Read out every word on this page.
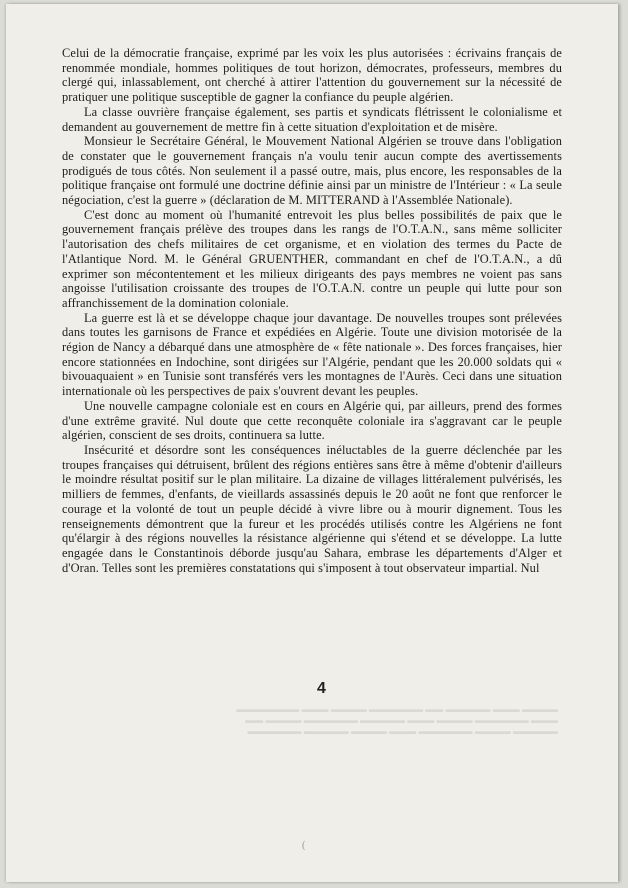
Celui de la démocratie française, exprimé par les voix les plus autorisées : écrivains français de renommée mondiale, hommes politiques de tout horizon, démocrates, professeurs, membres du clergé qui, inlassablement, ont cherché à attirer l'attention du gouvernement sur la nécessité de pratiquer une politique susceptible de gagner la confiance du peuple algérien.

La classe ouvrière française également, ses partis et syndicats flétrissent le colonialisme et demandent au gouvernement de mettre fin à cette situation d'exploitation et de misère.

Monsieur le Secrétaire Général, le Mouvement National Algérien se trouve dans l'obligation de constater que le gouvernement français n'a voulu tenir aucun compte des avertissements prodigués de tous côtés. Non seulement il a passé outre, mais, plus encore, les responsables de la politique française ont formulé une doctrine définie ainsi par un ministre de l'Intérieur : « La seule négociation, c'est la guerre » (déclaration de M. MITTERAND à l'Assemblée Nationale).

C'est donc au moment où l'humanité entrevoit les plus belles possibilités de paix que le gouvernement français prélève des troupes dans les rangs de l'O.T.A.N., sans même solliciter l'autorisation des chefs militaires de cet organisme, et en violation des termes du Pacte de l'Atlantique Nord. M. le Général GRUENTHER, commandant en chef de l'O.T.A.N., a dû exprimer son mécontentement et les milieux dirigeants des pays membres ne voient pas sans angoisse l'utilisation croissante des troupes de l'O.T.A.N. contre un peuple qui lutte pour son affranchissement de la domination coloniale.

La guerre est là et se développe chaque jour davantage. De nouvelles troupes sont prélevées dans toutes les garnisons de France et expédiées en Algérie. Toute une division motorisée de la région de Nancy a débarqué dans une atmosphère de « fête nationale ». Des forces françaises, hier encore stationnées en Indochine, sont dirigées sur l'Algérie, pendant que les 20.000 soldats qui « bivouaquaient » en Tunisie sont transférés vers les montagnes de l'Aurès. Ceci dans une situation internationale où les perspectives de paix s'ouvrent devant les peuples.

Une nouvelle campagne coloniale est en cours en Algérie qui, par ailleurs, prend des formes d'une extrême gravité. Nul doute que cette reconquête coloniale ira s'aggravant car le peuple algérien, conscient de ses droits, continuera sa lutte.

Insécurité et désordre sont les conséquences inéluctables de la guerre déclenchée par les troupes françaises qui détruisent, brûlent des régions entières sans être à même d'obtenir d'ailleurs le moindre résultat positif sur le plan militaire. La dizaine de villages littéralement pulvérisés, les milliers de femmes, d'enfants, de vieillards assassinés depuis le 20 août ne font que renforcer le courage et la volonté de tout un peuple décidé à vivre libre ou à mourir dignement. Tous les renseignements démontrent que la fureur et les procédés utilisés contre les Algériens ne font qu'élargir à des régions nouvelles la résistance algérienne qui s'étend et se développe. La lutte engagée dans le Constantinois déborde jusqu'au Sahara, embrase les départements d'Alger et d'Oran. Telles sont les premières constatations qui s'imposent à tout observateur impartial. Nul

4
▬▬▬▬ ▬▬▬ ▬▬▬▬▬ ▬▬ ▬▬▬▬▬▬ ▬▬▬▬ ▬▬▬ ▬▬▬▬▬▬▬
▬▬▬ ▬▬▬▬▬▬ ▬▬▬▬ ▬▬▬ ▬▬▬▬▬ ▬▬▬▬▬▬ ▬▬▬▬ ▬▬
▬▬▬▬▬ ▬▬▬▬ ▬▬▬▬▬▬ ▬▬▬ ▬▬▬▬ ▬▬▬▬▬ ▬▬▬▬▬▬
(
